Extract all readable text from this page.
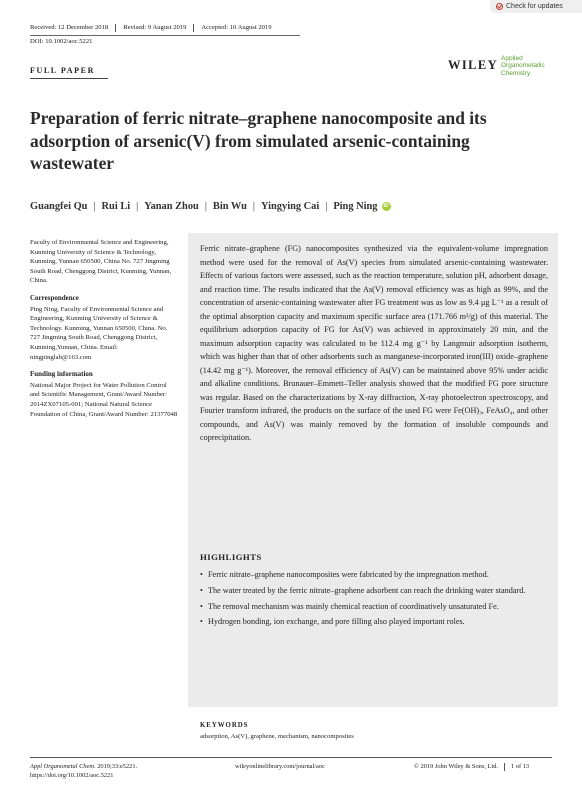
Check for updates
Received: 12 December 2018 Revised: 9 August 2019 Accepted: 10 August 2019
DOI: 10.1002/aoc.5221
FULL PAPER	WILEY Applied
Organometallic
Chemistry
Preparation of ferric nitrate–graphene nanocomposite and its adsorption of arsenic(V) from simulated arsenic-containing wastewater
Guangfei Qu | Rui Li | Yanan Zhou | Bin Wu | Yingying Cai | Ping Ning	iD
Faculty of Environmental Science and Engineering, Kunming University of Science & Technology, Kunming, Yunnan 650500, China No. 727 Jingming South Road, Chenggong District, Kunming, Yunnan, China.
Correspondence
Ping Ning, Faculty of Environmental Science and Engineering, Kunming University of Science & Technology. Kunming, Yunnan 650500, China. No. 727 Jingming South Road, Chenggong District, Kunming,Yunnan, China. Email: ningpinglab@163.com
Funding information
National Major Project for Water Pollution Control and Scientific Management, Grant/Award Number: 2014ZX07105-001; National Natural Science Foundation of China, Grant/Award Number: 21377048

Ferric nitrate–graphene (FG) nanocomposites synthesized via the equivalent-volume impregnation method were used for the removal of As(V) species from simulated arsenic-containing wastewater. Effects of various factors were assessed, such as the reaction temperature, solution pH, adsorbent dosage, and reaction time. The results indicated that the As(V) removal efficiency was as high as 99%, and the concentration of arsenic-containing wastewater after FG treatment was as low as 9.4 μg L⁻¹ as a result of the optimal absorption capacity and maximum specific surface area (171.766 m²/g) of this material. The equilibrium adsorption capacity of FG for As(V) was achieved in approximately 20 min, and the maximum adsorption capacity was calculated to be 112.4 mg g⁻¹ by Langmuir adsorption isotherm, which was higher than that of other adsorbents such as manganese-incorporated iron(III) oxide–graphene (14.42 mg g⁻¹). Moreover, the removal efficiency of As(V) can be maintained above 95% under acidic and alkaline conditions. Brunauer–Emmett–Teller analysis showed that the modified FG pore structure was regular. Based on the characterizations by X-ray diffraction, X-ray photoelectron spectroscopy, and Fourier transform infrared, the products on the surface of the used FG were Fe(OH)₃, FeAsO₄, and other compounds, and As(V) was mainly removed by the formation of insoluble compounds and coprecipitation.

HIGHLIGHTS
• Ferric nitrate–graphene nanocomposites were fabricated by the impregnation method.
• The water treated by the ferric nitrate–graphene adsorbent can reach the drinking water standard.
• The removal mechanism was mainly chemical reaction of coordinatively unsaturated Fe.
• Hydrogen bonding, ion exchange, and pore filling also played important roles.
KEYWORDS
adsorption, As(V), graphene, mechanism, nanocomposites
Appl Organometal Chem. 2019;33:e5221.
https://doi.org/10.1002/aoc.5221
wileyonlinelibrary.com/journal/aoc	© 2019 John Wiley & Sons, Ltd. 1 of 13
